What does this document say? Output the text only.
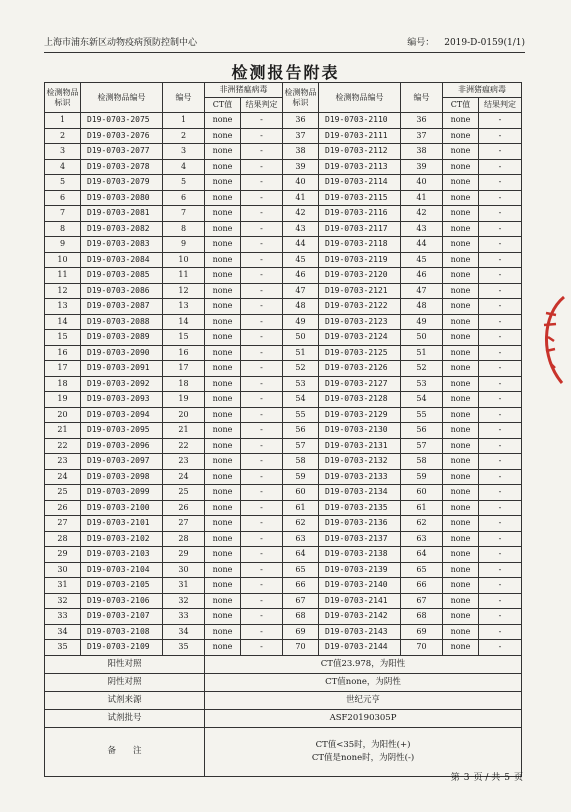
上海市浦东新区动物疫病预防控制中心	编号： 2019-D-0159(1/1)
检测报告附表
检测物品标识	检测物品编号	编号	非洲猪瘟病毒		检测物品标识	检测物品编号	编号	非洲猪瘟病毒	
			CT值	结果判定				CT值	结果判定
1	D19-0703-2075	1	none	-	36	D19-0703-2110	36	none	-
2	D19-0703-2076	2	none	-	37	D19-0703-2111	37	none	-
3	D19-0703-2077	3	none	-	38	D19-0703-2112	38	none	-
4	D19-0703-2078	4	none	-	39	D19-0703-2113	39	none	-
5	D19-0703-2079	5	none	-	40	D19-0703-2114	40	none	-
6	D19-0703-2080	6	none	-	41	D19-0703-2115	41	none	-
7	D19-0703-2081	7	none	-	42	D19-0703-2116	42	none	-
8	D19-0703-2082	8	none	-	43	D19-0703-2117	43	none	-
9	D19-0703-2083	9	none	-	44	D19-0703-2118	44	none	-
10	D19-0703-2084	10	none	-	45	D19-0703-2119	45	none	-
11	D19-0703-2085	11	none	-	46	D19-0703-2120	46	none	-
12	D19-0703-2086	12	none	-	47	D19-0703-2121	47	none	-
13	D19-0703-2087	13	none	-	48	D19-0703-2122	48	none	-
14	D19-0703-2088	14	none	-	49	D19-0703-2123	49	none	-
15	D19-0703-2089	15	none	-	50	D19-0703-2124	50	none	-
16	D19-0703-2090	16	none	-	51	D19-0703-2125	51	none	-
17	D19-0703-2091	17	none	-	52	D19-0703-2126	52	none	-
18	D19-0703-2092	18	none	-	53	D19-0703-2127	53	none	-
19	D19-0703-2093	19	none	-	54	D19-0703-2128	54	none	-
20	D19-0703-2094	20	none	-	55	D19-0703-2129	55	none	-
21	D19-0703-2095	21	none	-	56	D19-0703-2130	56	none	-
22	D19-0703-2096	22	none	-	57	D19-0703-2131	57	none	-
23	D19-0703-2097	23	none	-	58	D19-0703-2132	58	none	-
24	D19-0703-2098	24	none	-	59	D19-0703-2133	59	none	-
25	D19-0703-2099	25	none	-	60	D19-0703-2134	60	none	-
26	D19-0703-2100	26	none	-	61	D19-0703-2135	61	none	-
27	D19-0703-2101	27	none	-	62	D19-0703-2136	62	none	-
28	D19-0703-2102	28	none	-	63	D19-0703-2137	63	none	-
29	D19-0703-2103	29	none	-	64	D19-0703-2138	64	none	-
30	D19-0703-2104	30	none	-	65	D19-0703-2139	65	none	-
31	D19-0703-2105	31	none	-	66	D19-0703-2140	66	none	-
32	D19-0703-2106	32	none	-	67	D19-0703-2141	67	none	-
33	D19-0703-2107	33	none	-	68	D19-0703-2142	68	none	-
34	D19-0703-2108	34	none	-	69	D19-0703-2143	69	none	-
35	D19-0703-2109	35	none	-	70	D19-0703-2144	70	none	-
阳性对照			CT值23.978，为阳性						
阴性对照			CT值none，为阴性						
试剂来源			世纪元亨						
试剂批号			ASF20190305P						
备　　注			CT值<35时，为阳性(+)
CT值是none时，为阴性(-)						
第 3 页 / 共 5 页
